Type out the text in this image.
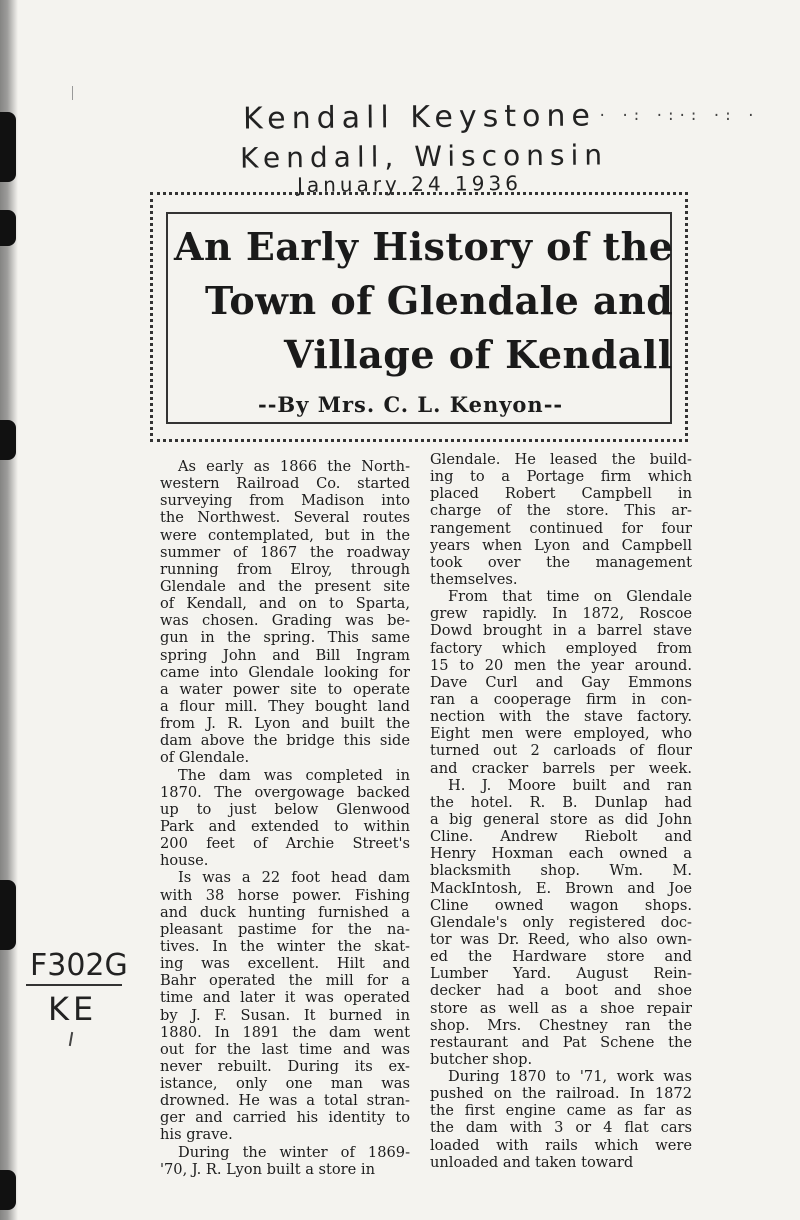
Kendall Keystone · ·: ·:·: ·: ·
Kendall, Wisconsin
January 24 1936
An Early History of the
Town of Glendale and
Village of Kendall
--By Mrs. C. L. Kenyon--
As early as 1866 the North-
western Railroad Co. started
surveying from Madison into
the Northwest. Several routes
were contemplated, but in the
summer of 1867 the roadway
running from Elroy, through
Glendale and the present site
of Kendall, and on to Sparta,
was chosen. Grading was be-
gun in the spring. This same
spring John and Bill Ingram
came into Glendale looking for
a water power site to operate
a flour mill. They bought land
from J. R. Lyon and built the
dam above the bridge this side
of Glendale.
The dam was completed in
1870. The overgowage backed
up to just below Glenwood
Park and extended to within
200 feet of Archie Street's
house.
Is was a 22 foot head dam
with 38 horse power. Fishing
and duck hunting furnished a
pleasant pastime for the na-
tives. In the winter the skat-
ing was excellent. Hilt and
Bahr operated the mill for a
time and later it was operated
by J. F. Susan. It burned in
1880. In 1891 the dam went
out for the last time and was
never rebuilt. During its ex-
istance, only one man was
drowned. He was a total stran-
ger and carried his identity to
his grave.
During the winter of 1869-
'70, J. R. Lyon built a store in
Glendale. He leased the build-
ing to a Portage firm which
placed Robert Campbell in
charge of the store. This ar-
rangement continued for four
years when Lyon and Campbell
took over the management
themselves.
From that time on Glendale
grew rapidly. In 1872, Roscoe
Dowd brought in a barrel stave
factory which employed from
15 to 20 men the year around.
Dave Curl and Gay Emmons
ran a cooperage firm in con-
nection with the stave factory.
Eight men were employed, who
turned out 2 carloads of flour
and cracker barrels per week.
H. J. Moore built and ran
the hotel. R. B. Dunlap had
a big general store as did John
Cline. Andrew Riebolt and
Henry Hoxman each owned a
blacksmith shop. Wm. M.
MackIntosh, E. Brown and Joe
Cline owned wagon shops.
Glendale's only registered doc-
tor was Dr. Reed, who also own-
ed the Hardware store and
Lumber Yard. August Rein-
decker had a boot and shoe
store as well as a shoe repair
shop. Mrs. Chestney ran the
restaurant and Pat Schene the
butcher shop.
During 1870 to '71, work was
pushed on the railroad. In 1872
the first engine came as far as
the dam with 3 or 4 flat cars
loaded with rails which were
unloaded and taken toward
F302G
KE
